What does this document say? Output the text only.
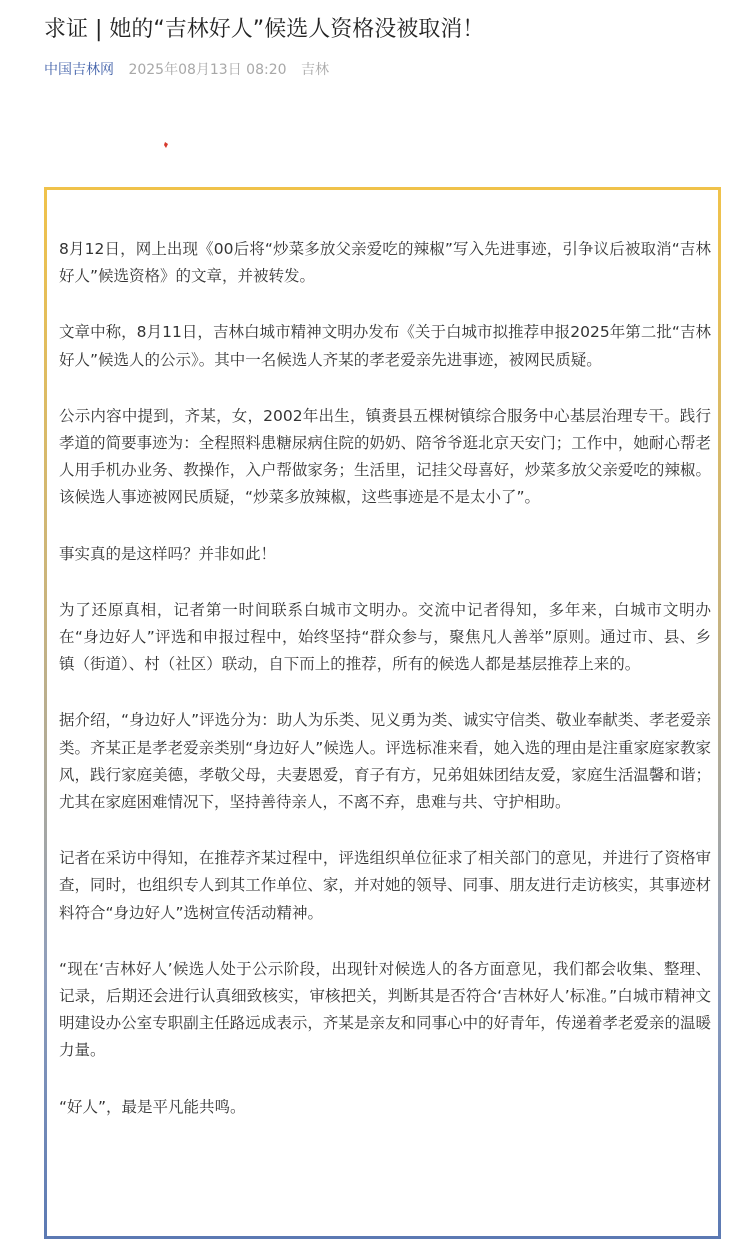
求证 | 她的“吉林好人”候选人资格没被取消！
中国吉林网 2025年08月13日 08:20 吉林

8月12日，网上出现《00后将“炒菜多放父亲爱吃的辣椒”写入先进事迹，引争议后被取消“吉林好人”候选资格》的文章，并被转发。

文章中称，8月11日，吉林白城市精神文明办发布《关于白城市拟推荐申报2025年第二批“吉林好人”候选人的公示》。其中一名候选人齐某的孝老爱亲先进事迹，被网民质疑。

公示内容中提到，齐某，女，2002年出生，镇赉县五棵树镇综合服务中心基层治理专干。践行孝道的简要事迹为：全程照料患糖尿病住院的奶奶、陪爷爷逛北京天安门；工作中，她耐心帮老人用手机办业务、教操作，入户帮做家务；生活里，记挂父母喜好，炒菜多放父亲爱吃的辣椒。该候选人事迹被网民质疑，“炒菜多放辣椒，这些事迹是不是太小了”。

事实真的是这样吗？并非如此！

为了还原真相，记者第一时间联系白城市文明办。交流中记者得知，多年来，白城市文明办在“身边好人”评选和申报过程中，始终坚持“群众参与，聚焦凡人善举”原则。通过市、县、乡镇（街道）、村（社区）联动，自下而上的推荐，所有的候选人都是基层推荐上来的。

据介绍，“身边好人”评选分为：助人为乐类、见义勇为类、诚实守信类、敬业奉献类、孝老爱亲类。齐某正是孝老爱亲类别“身边好人”候选人。评选标准来看，她入选的理由是注重家庭家教家风，践行家庭美德，孝敬父母，夫妻恩爱，育子有方，兄弟姐妹团结友爱，家庭生活温馨和谐；尤其在家庭困难情况下，坚持善待亲人，不离不弃，患难与共、守护相助。

记者在采访中得知，在推荐齐某过程中，评选组织单位征求了相关部门的意见，并进行了资格审查，同时，也组织专人到其工作单位、家，并对她的领导、同事、朋友进行走访核实，其事迹材料符合“身边好人”选树宣传活动精神。

“现在‘吉林好人’候选人处于公示阶段，出现针对候选人的各方面意见，我们都会收集、整理、记录，后期还会进行认真细致核实，审核把关，判断其是否符合‘吉林好人’标准。”白城市精神文明建设办公室专职副主任路远成表示，齐某是亲友和同事心中的好青年，传递着孝老爱亲的温暖力量。

“好人”，最是平凡能共鸣。
